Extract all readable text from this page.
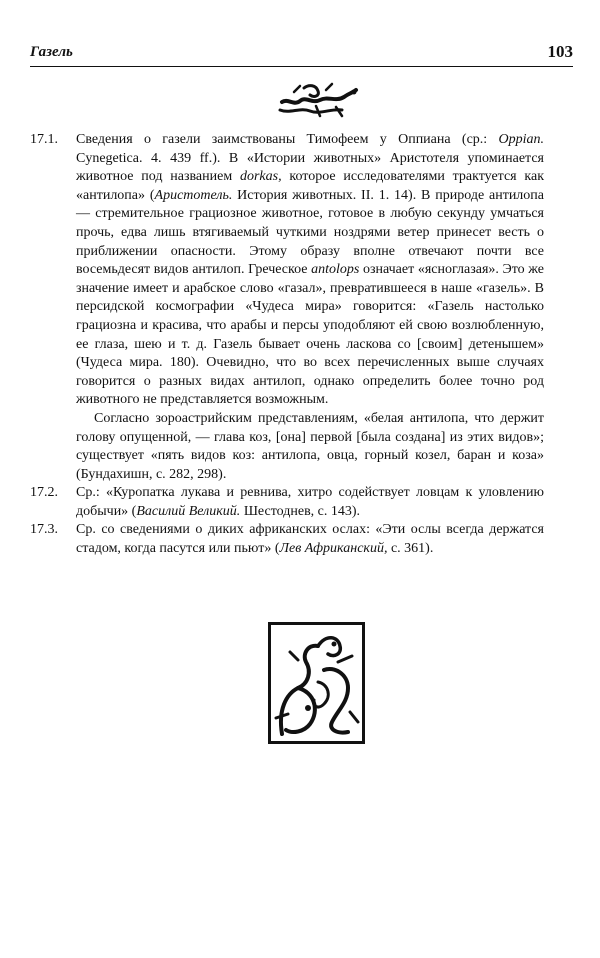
Газель	103
17.1. Сведения о газели заимствованы Тимофеем у Оппиана (ср.: Oppian. Cynegetica. 4. 439 ff.). В «Истории животных» Аристотеля упоминается животное под названием dorkas, которое исследователями трактуется как «антилопа» (Аристотель. История животных. II. 1. 14). В природе антилопа — стремительное грациозное животное, готовое в любую секунду умчаться прочь, едва лишь втягиваемый чуткими ноздрями ветер принесет весть о приближении опасности. Этому образу вполне отвечают почти все восемьдесят видов антилоп. Греческое antolops означает «ясноглазая». Это же значение имеет и арабское слово «газал», превратившееся в наше «газель». В персидской космографии «Чудеса мира» говорится: «Газель настолько грациозна и красива, что арабы и персы уподобляют ей свою возлюбленную, ее глаза, шею и т. д. Газель бывает очень ласкова со [своим] детенышем» (Чудеса мира. 180). Очевидно, что во всех перечисленных выше случаях говорится о разных видах антилоп, однако определить более точно род животного не представляется возможным.

Согласно зороастрийским представлениям, «белая антилопа, что держит голову опущенной, — глава коз, [она] первой [была создана] из этих видов»; существует «пять видов коз: антилопа, овца, горный козел, баран и коза» (Бундахишн, с. 282, 298).

17.2. Ср.: «Куропатка лукава и ревнива, хитро содействует ловцам к уловлению добычи» (Василий Великий. Шестоднев, с. 143).

17.3. Ср. со сведениями о диких африканских ослах: «Эти ослы всегда держатся стадом, когда пасутся или пьют» (Лев Африканский, с. 361).
